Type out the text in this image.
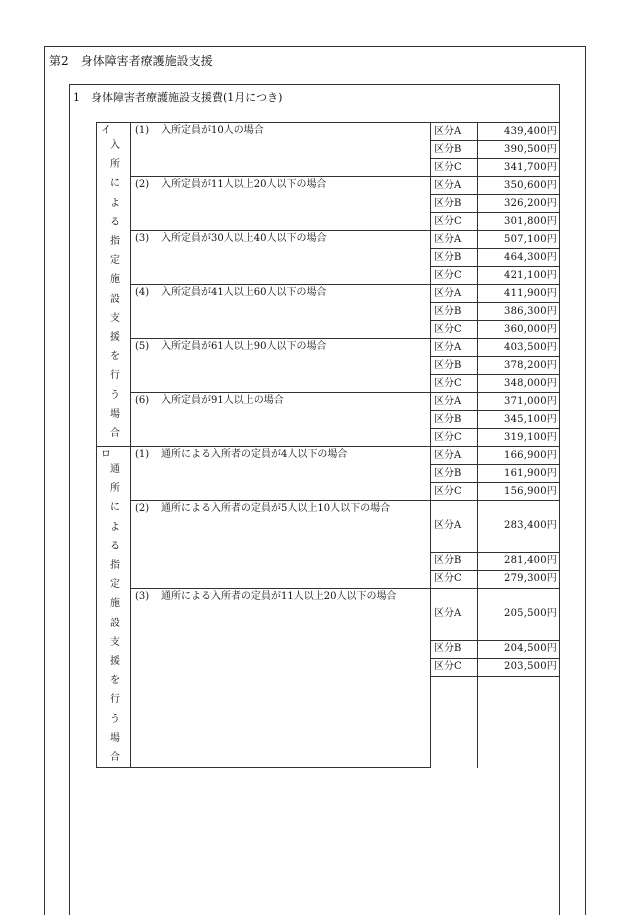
第2　身体障害者療護施設支援
1　身体障害者療護施設支援費(1月につき)
イ
入所による指定施設支援を行う場合	(1) 入所定員が10人の場合	区分A	439,400円
		区分B	390,500円
		区分C	341,700円
	(2) 入所定員が11人以上20人以下の場合	区分A	350,600円
		区分B	326,200円
		区分C	301,800円
	(3) 入所定員が30人以上40人以下の場合	区分A	507,100円
		区分B	464,300円
		区分C	421,100円
	(4) 入所定員が41人以上60人以下の場合	区分A	411,900円
		区分B	386,300円
		区分C	360,000円
	(5) 入所定員が61人以上90人以下の場合	区分A	403,500円
		区分B	378,200円
		区分C	348,000円
	(6) 入所定員が91人以上の場合	区分A	371,000円
		区分B	345,100円
		区分C	319,100円

ロ
通所による指定施設支援を行う場合	(1) 通所による入所者の定員が4人以下の場合	区分A	166,900円
		区分B	161,900円
		区分C	156,900円
	(2) 通所による入所者の定員が5人以上10人以下の場合	区分A	283,400円
		区分B	281,400円
		区分C	279,300円
	(3) 通所による入所者の定員が11人以上20人以下の場合	区分A	205,500円
		区分B	204,500円
		区分C	203,500円
